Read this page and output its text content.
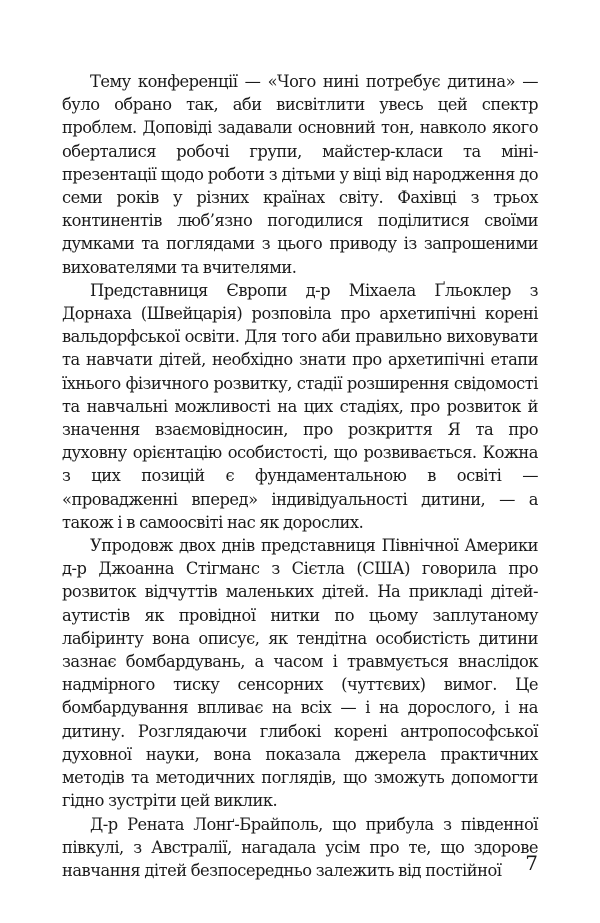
Тему конференції — «Чого нині потребує дитина» — було обрано так, аби висвітлити увесь цей спектр проблем. Доповіді задавали основний тон, навколо якого оберталися робочі групи, майстер-класи та міні-презентації щодо роботи з дітьми у віці від народження до семи років у різних країнах світу. Фахівці з трьох континентів люб’язно погодилися поділитися своїми думками та поглядами з цього приводу із запрошеними вихователями та вчителями.

Представниця Європи д-р Міхаела Ґльоклер з Дорнаха (Швейцарія) розповіла про архетипічні корені вальдорфської освіти. Для того аби правильно виховувати та навчати дітей, необхідно знати про архетипічні етапи їхнього фізичного розвитку, стадії розширення свідомості та навчальні можливості на цих стадіях, про розвиток й значення взаємовідносин, про розкриття Я та про духовну орієнтацію особистості, що розвивається. Кожна з цих позицій є фундаментальною в освіті — «провадженні вперед» індивідуальності дитини, — а також і в самоосвіті нас як дорослих.

Упродовж двох днів представниця Північної Америки д-р Джоанна Стігманс з Сієтла (США) говорила про розвиток відчуттів маленьких дітей. На прикладі дітей-аутистів як провідної нитки по цьому заплутаному лабіринту вона описує, як тендітна особистість дитини зазнає бомбардувань, а часом і травмується внаслідок надмірного тиску сенсорних (чуттєвих) вимог. Це бомбардування впливає на всіх — і на дорослого, і на дитину. Розглядаючи глибокі корені антропософської духовної науки, вона показала джерела практичних методів та методичних поглядів, що зможуть допомогти гідно зустріти цей виклик.

Д-р Рената Лонґ-Брайполь, що прибула з південної півкулі, з Австралії, нагадала усім про те, що здорове навчання дітей безпосередньо залежить від постійної	7
